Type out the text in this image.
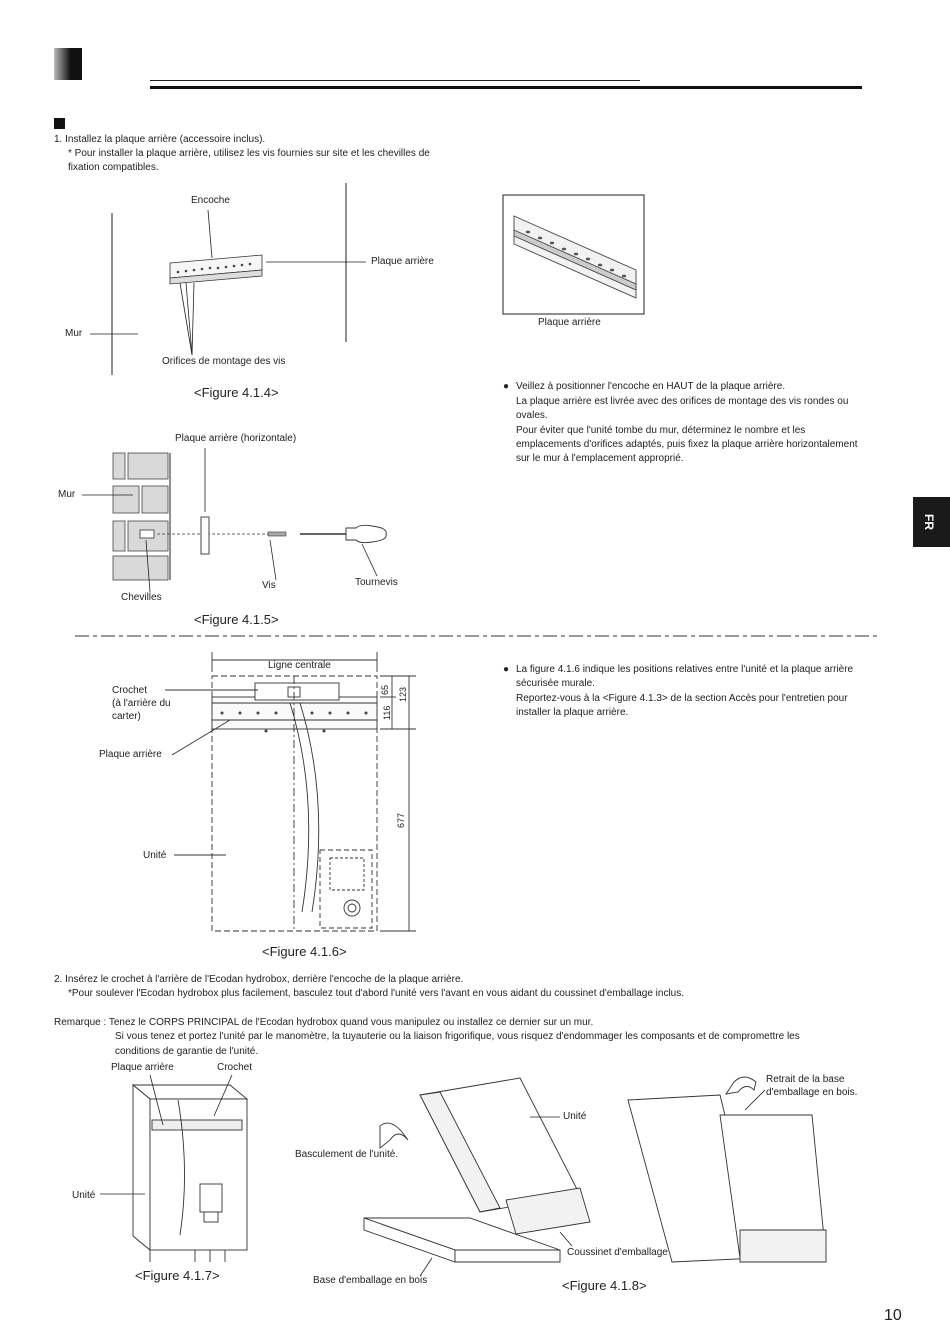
1. Installez la plaque arrière (accessoire inclus).
* Pour installer la plaque arrière, utilisez les vis fournies sur site et les chevilles de
fixation compatibles.
Encoche
Plaque arrière
Mur
Orifices de montage des vis
<Figure 4.1.4>
Plaque arrière
● Veillez à positionner l'encoche en HAUT de la plaque arrière.
La plaque arrière est livrée avec des orifices de montage des vis rondes ou
ovales.
Pour éviter que l'unité tombe du mur, déterminez le nombre et les
emplacements d'orifices adaptés, puis fixez la plaque arrière horizontalement
sur le mur à l'emplacement approprié.
Plaque arrière (horizontale)
Mur
Vis	Tournevis
Chevilles
<Figure 4.1.5>
Ligne centrale
Crochet
(à l'arrière du
carter)
Plaque arrière
Unité
65
116
123
677
<Figure 4.1.6>
● La figure 4.1.6 indique les positions relatives entre l'unité et la plaque arrière
sécurisée murale.
Reportez-vous à la <Figure 4.1.3> de la section Accès pour l'entretien pour
installer la plaque arrière.
2. Insérez le crochet à l'arrière de l'Ecodan hydrobox, derrière l'encoche de la plaque arrière.
*Pour soulever l'Ecodan hydrobox plus facilement, basculez tout d'abord l'unité vers l'avant en vous aidant du coussinet d'emballage inclus.
Remarque : Tenez le CORPS PRINCIPAL de l'Ecodan hydrobox quand vous manipulez ou installez ce dernier sur un mur.
Si vous tenez et portez l'unité par le manomètre, la tuyauterie ou la liaison frigorifique, vous risquez d'endommager les composants et de compromettre les
conditions de garantie de l'unité.
Plaque arrière	Crochet
Unité
<Figure 4.1.7>
Unité
Basculement de l'unité.
Base d'emballage en bois
Coussinet d'emballage
Retrait de la base
d'emballage en bois.
<Figure 4.1.8>
FR
10
